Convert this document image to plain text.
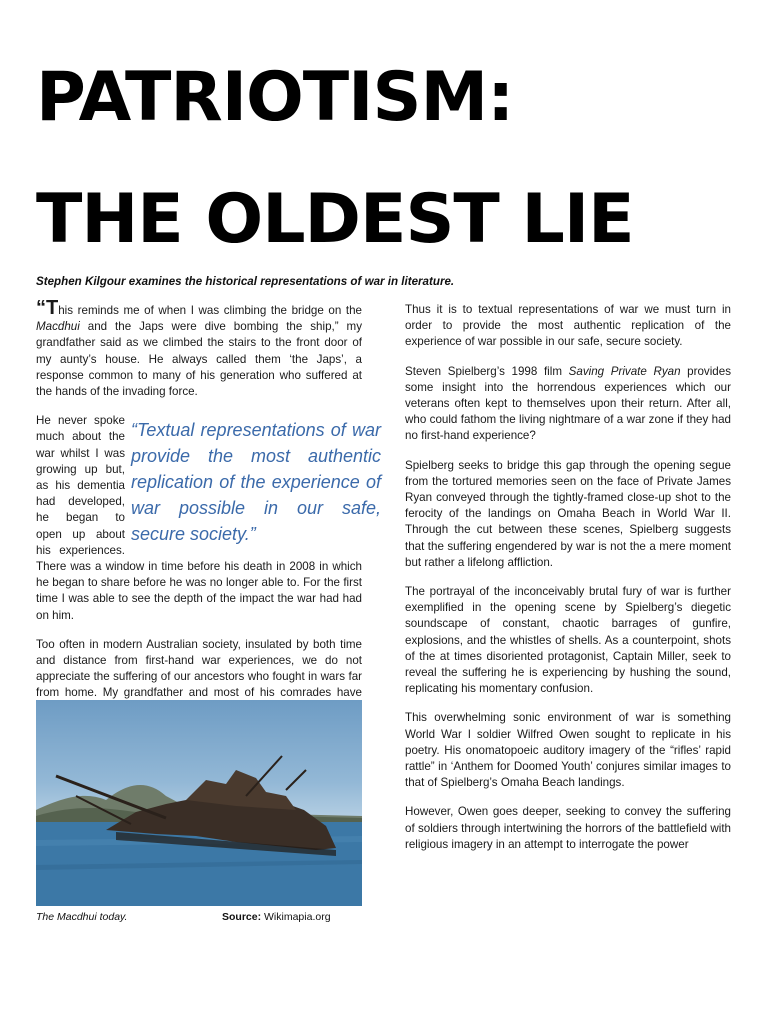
PATRIOTISM:
THE OLDEST LIE

Stephen Kilgour examines the historical representations of war in literature.

“This reminds me of when I was climbing the bridge on the Macdhui and the Japs were dive bombing the ship,” my grandfather said as we climbed the stairs to the front door of my aunty’s house. He always called them ‘the Japs’, a response common to many of his generation who suffered at the hands of the invading force.

“Textual representations of war provide the most authentic replication of the experience of war possible in our safe, secure society.”

He never spoke much about the war whilst I was growing up but, as his dementia had developed, he began to open up about his experiences. There was a window in time before his death in 2008 in which he began to share before he was no longer able to. For the first time I was able to see the depth of the impact the war had had on him.

Too often in modern Australian society, insulated by both time and distance from first-hand war experiences, we do not appreciate the suffering of our ancestors who fought in wars far from home. My grandfather and most of his comrades have

Thus it is to textual representations of war we must turn in order to provide the most authentic replication of the experience of war possible in our safe, secure society.

Steven Spielberg’s 1998 film Saving Private Ryan provides some insight into the horrendous experiences which our veterans often kept to themselves upon their return. After all, who could fathom the living nightmare of a war zone if they had no first-hand experience?

Spielberg seeks to bridge this gap through the opening segue from the tortured memories seen on the face of Private James Ryan conveyed through the tightly-framed close-up shot to the ferocity of the landings on Omaha Beach in World War II. Through the cut between these scenes, Spielberg suggests that the suffering engendered by war is not the a mere moment but rather a lifelong affliction.

The portrayal of the inconceivably brutal fury of war is further exemplified in the opening scene by Spielberg’s diegetic soundscape of constant, chaotic barrages of gunfire, explosions, and the whistles of shells. As a counterpoint, shots of the at times disoriented protagonist, Captain Miller, seek to reveal the suffering he is experiencing by hushing the sound, replicating his momentary confusion.

This overwhelming sonic environment of war is something World War I soldier Wilfred Owen sought to replicate in his poetry. His onomatopoeic auditory imagery of the “rifles’ rapid rattle” in ‘Anthem for Doomed Youth’ conjures similar images to that of Spielberg’s Omaha Beach landings.

However, Owen goes deeper, seeking to convey the suffering of soldiers through intertwining the horrors of the battlefield with religious imagery in an attempt to interrogate the power

The Macdhui today.	Source: Wikimapia.org
